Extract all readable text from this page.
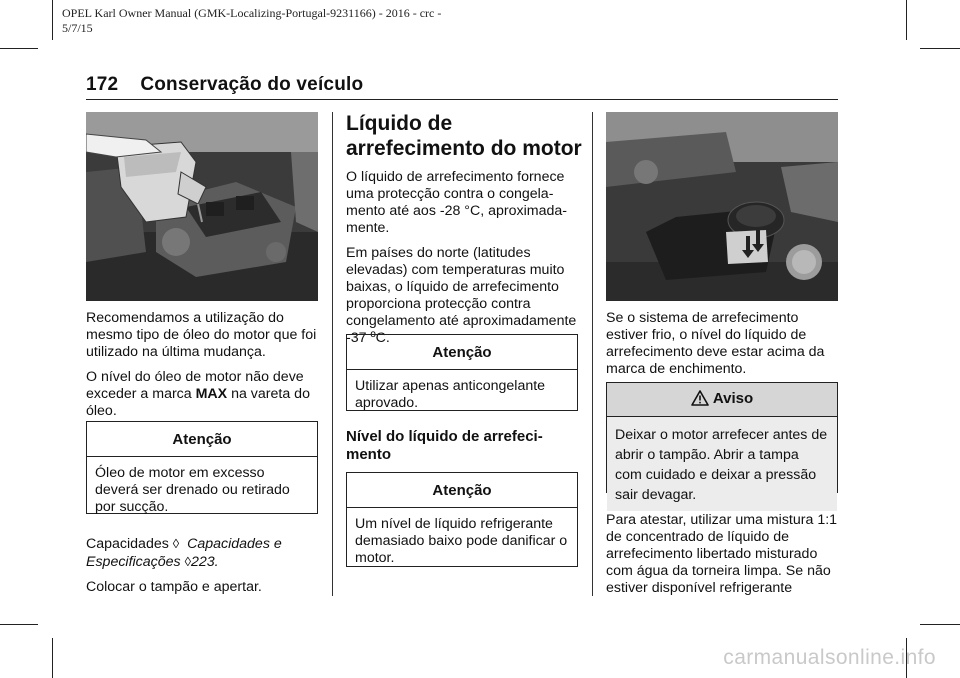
OPEL Karl Owner Manual (GMK-Localizing-Portugal-9231166) - 2016 - crc -
5/7/15
172 Conservação do veículo

Recomendamos a utilização do mesmo tipo de óleo do motor que foi utilizado na última mudança.

O nível do óleo de motor não deve exceder a marca MAX na vareta do óleo.

Atenção
Óleo de motor em excesso deverá ser drenado ou retirado por sucção.

Capacidades ◊ Capacidades e Especificações ◊223.

Colocar o tampão e apertar.

Líquido de arrefecimento do motor

O líquido de arrefecimento fornece uma protecção contra o congela-mento até aos -28 °C, aproximada-mente.

Em países do norte (latitudes elevadas) com temperaturas muito baixas, o líquido de arrefecimento proporciona protecção contra congelamento até aproximadamente -37 ºC.

Atenção
Utilizar apenas anticongelante aprovado.
Nível do líquido de arrefeci-mento
Atenção
Um nível de líquido refrigerante demasiado baixo pode danificar o motor.

Se o sistema de arrefecimento estiver frio, o nível do líquido de arrefecimento deve estar acima da marca de enchimento.

Aviso
Deixar o motor arrefecer antes de abrir o tampão. Abrir a tampa com cuidado e deixar a pressão sair devagar.

Para atestar, utilizar uma mistura 1:1 de concentrado de líquido de arrefecimento libertado misturado com água da torneira limpa. Se não estiver disponível refrigerante

carmanualsonline.info
